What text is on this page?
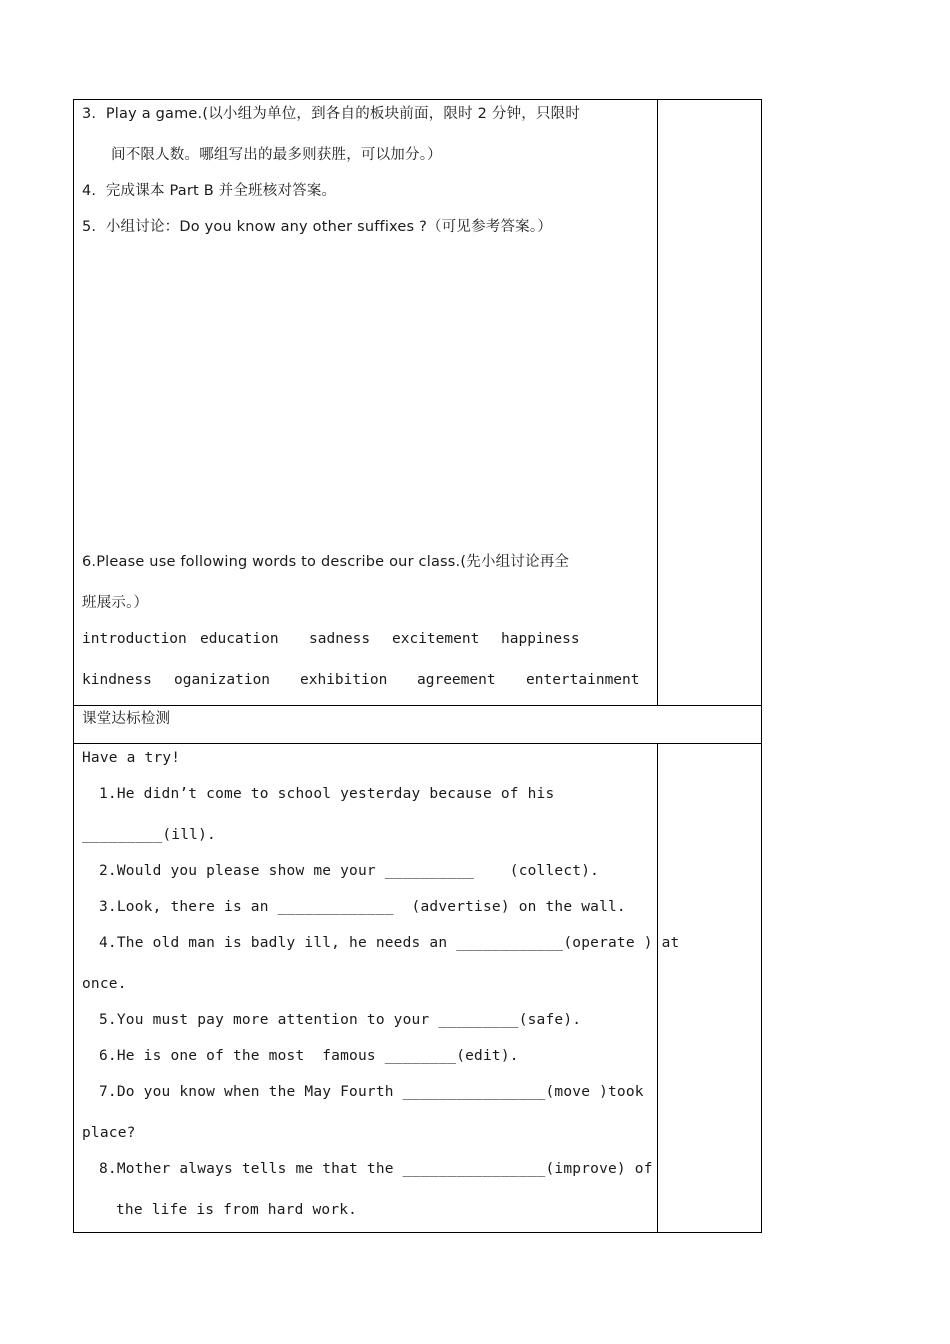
3.  Play a game.(以小组为单位，到各自的板块前面，限时 2 分钟，只限时
间不限人数。哪组写出的最多则获胜，可以加分。）
4.  完成课本 Part B 并全班核对答案。
5.  小组讨论：Do you know any other suffixes ?（可见参考答案。）
6.Please use following words to describe our class.(先小组讨论再全
班展示。）
introduction education sadness excitement happiness
kindness oganization exhibition agreement entertainment
课堂达标检测
Have a try!
1.He didn’t come to school yesterday because of his
_________(ill).
2.Would you please show me your __________    (collect).
3.Look, there is an _____________  (advertise) on the wall.
4.The old man is badly ill, he needs an ____________(operate ) at
once.
5.You must pay more attention to your _________(safe).
6.He is one of the most  famous ________(edit).
7.Do you know when the May Fourth ________________(move )took
place?
8.Mother always tells me that the ________________(improve) of
the life is from hard work.
